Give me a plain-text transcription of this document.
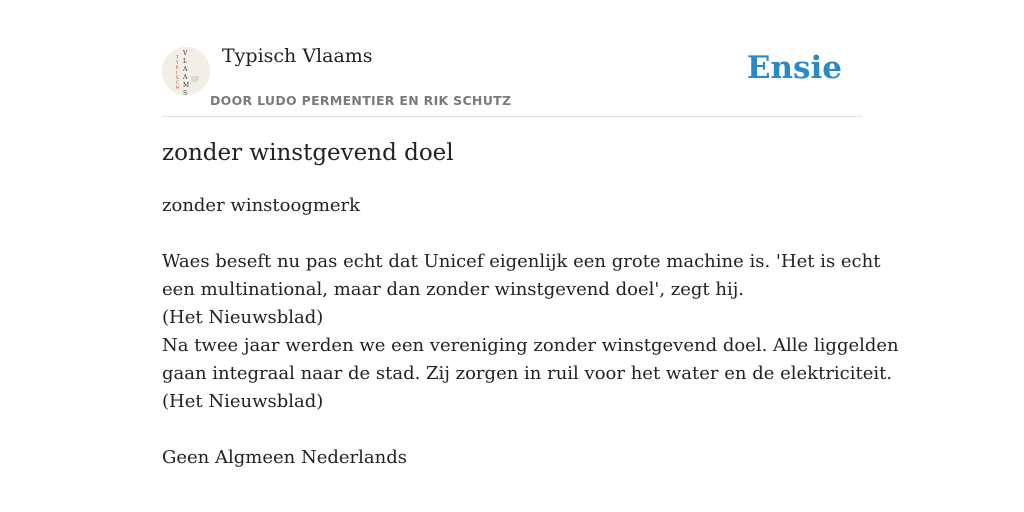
T
Y
P
I
S
C
H
V
L
A
A
M
S
Typisch Vlaams
DOOR LUDO PERMENTIER EN RIK SCHUTZ
Ensie
zonder winstgevend doel

zonder winstoogmerk

Waes beseft nu pas echt dat Unicef eigenlijk een grote machine is. 'Het is echt

een multinational, maar dan zonder winstgevend doel', zegt hij.

(Het Nieuwsblad)

Na twee jaar werden we een vereniging zonder winstgevend doel. Alle liggelden

gaan integraal naar de stad. Zij zorgen in ruil voor het water en de elektriciteit.

(Het Nieuwsblad)

Geen Algmeen Nederlands
